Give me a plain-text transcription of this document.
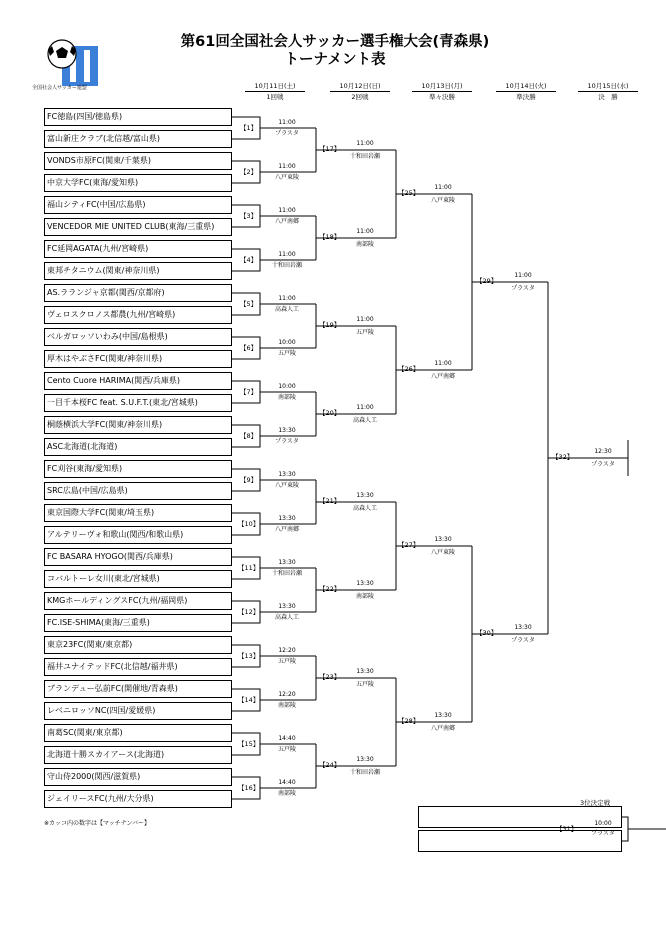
全国社会人サッカー連盟
第61回全国社会人サッカー選手権大会(青森県)
トーナメント表
10月11日(土)
1回戦
10月12日(日)
2回戦
10月13日(月)
準々決勝
10月14日(火)
準決勝
10月15日(水)
決　勝
FC徳島(四国/徳島県)
富山新庄クラブ(北信越/富山県)
VONDS市原FC(関東/千葉県)
中京大学FC(東海/愛知県)
福山シティFC(中国/広島県)
VENCEDOR MIE UNITED CLUB(東海/三重県)
FC延岡AGATA(九州/宮崎県)
東邦チタニウム(関東/神奈川県)
AS.ラランジャ京都(関西/京都府)
ヴェロスクロノス都農(九州/宮崎県)
ベルガロッソいわみ(中国/島根県)
厚木はやぶさFC(関東/神奈川県)
Cento Cuore HARIMA(関西/兵庫県)
一目千本桜FC feat. S.U.F.T.(東北/宮城県)
桐蔭横浜大学FC(関東/神奈川県)
ASC北海道(北海道)
FC刈谷(東海/愛知県)
SRC広島(中国/広島県)
東京国際大学FC(関東/埼玉県)
アルテリーヴォ和歌山(関西/和歌山県)
FC BASARA HYOGO(関西/兵庫県)
コバルトーレ女川(東北/宮城県)
KMGホールディングスFC(九州/福岡県)
FC.ISE-SHIMA(東海/三重県)
東京23FC(関東/東京都)
福井ユナイテッドFC(北信越/福井県)
ブランデュー弘前FC(開催地/青森県)
レベニロッソNC(四国/愛媛県)
南葛SC(関東/東京都)
北海道十勝スカイアース(北海道)
守山侍2000(関西/滋賀県)
ジェイリースFC(九州/大分県)
【1】
11:00
プラスタ
【2】
11:00
八戸東陵
【3】
11:00
八戸南郷
【4】
11:00
十和田岩瀬
【5】
11:00
高森人工
【6】
10:00
五戸陵
【7】
10:00
南部陵
【8】
13:30
プラスタ
【9】
13:30
八戸東陵
【10】
13:30
八戸南郷
【11】
13:30
十和田岩瀬
【12】
13:30
高森人工
【13】
12:20
五戸陵
【14】
12:20
南部陵
【15】
14:40
五戸陵
【16】
14:40
南部陵
【17】
11:00
十和田岩瀬
【18】
11:00
南部陵
【19】
11:00
五戸陵
【20】
11:00
高森人工
【21】
13:30
高森人工
【22】
13:30
南部陵
【23】
13:30
五戸陵
【24】
13:30
十和田岩瀬
【25】
11:00
八戸東陵
【26】
11:00
八戸南郷
【27】
13:30
八戸東陵
【28】
13:30
八戸南郷
【29】
11:00
プラスタ
【30】
13:30
プラスタ
【32】
12:30
プラスタ
3位決定戦
【31】
10:00
プラスタ
※カッコ内の数字は【マッチナンバー】
